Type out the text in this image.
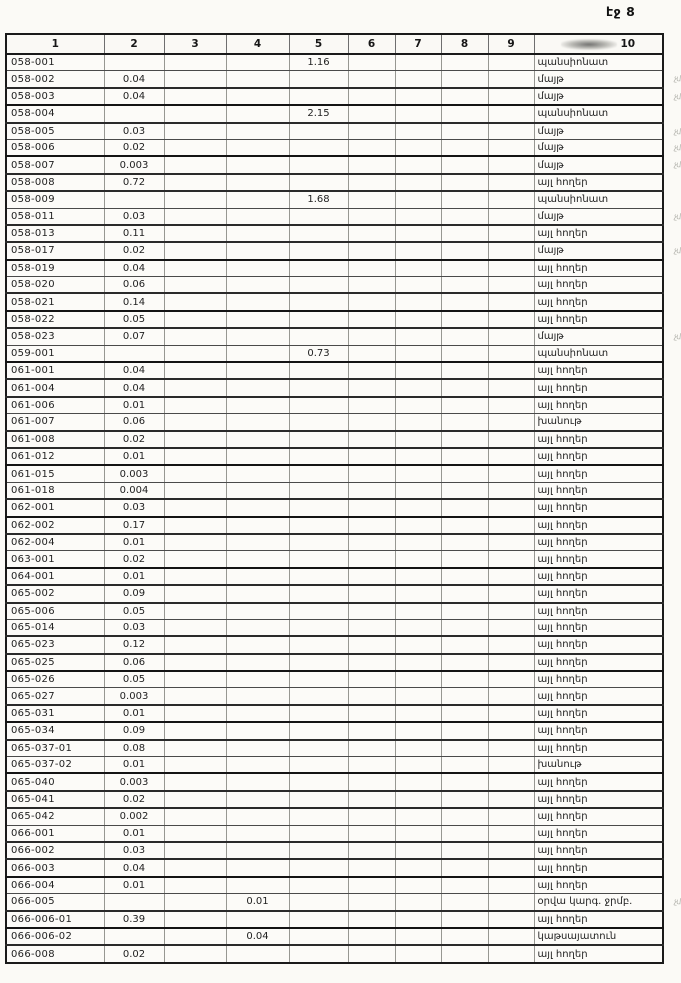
էջ 8
1	2	3	4	5	6	7	8	9	10

058-001				1.16					պանսիոնատ
058-002	0.04								մայթ չմ

058-003	0.04								մայթ չմ

058-004				2.15					պանսիոնատ
058-005	0.03								մայթ չմ

058-006	0.02								մայթ չմ

058-007	0.003								մայթ չմ

058-008	0.72								այլ հողեր
058-009				1.68					պանսիոնատ
058-011	0.03								մայթ չմ

058-013	0.11								այլ հողեր
058-017	0.02								մայթ չմ

058-019	0.04								այլ հողեր
058-020	0.06								այլ հողեր
058-021	0.14								այլ հողեր
058-022	0.05								այլ հողեր
058-023	0.07								մայթ չմ

059-001				0.73					պանսիոնատ
061-001	0.04								այլ հողեր
061-004	0.04								այլ հողեր
061-006	0.01								այլ հողեր
061-007	0.06								խանութ
061-008	0.02								այլ հողեր
061-012	0.01								այլ հողեր
061-015	0.003								այլ հողեր
061-018	0.004								այլ հողեր
062-001	0.03								այլ հողեր
062-002	0.17								այլ հողեր
062-004	0.01								այլ հողեր
063-001	0.02								այլ հողեր
064-001	0.01								այլ հողեր
065-002	0.09								այլ հողեր
065-006	0.05								այլ հողեր
065-014	0.03								այլ հողեր
065-023	0.12								այլ հողեր
065-025	0.06								այլ հողեր
065-026	0.05								այլ հողեր
065-027	0.003								այլ հողեր
065-031	0.01								այլ հողեր
065-034	0.09								այլ հողեր
065-037-01	0.08								այլ հողեր
065-037-02	0.01								խանութ
065-040	0.003								այլ հողեր
065-041	0.02								այլ հողեր
065-042	0.002								այլ հողեր
066-001	0.01								այլ հողեր
066-002	0.03								այլ հողեր
066-003	0.04								այլ հողեր
066-004	0.01								այլ հողեր
066-005			0.01						օրվա կարգ. ջրմբ. չմ

066-006-01	0.39								այլ հողեր
066-006-02			0.04						կաթսայատուն
066-008	0.02								այլ հողեր
